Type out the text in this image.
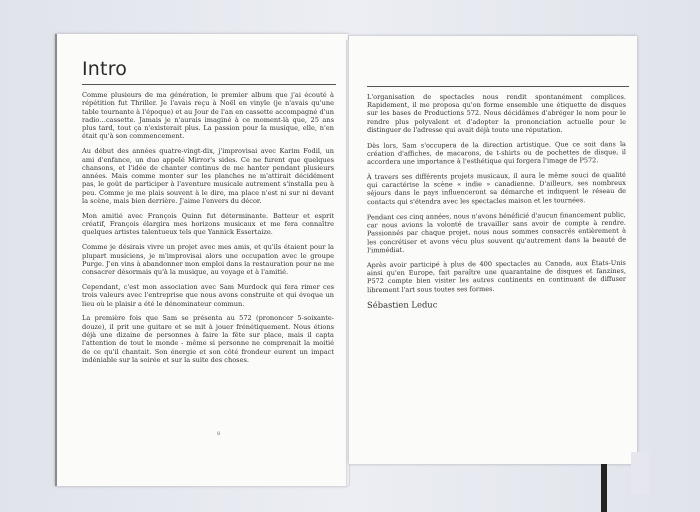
Intro

Comme plusieurs de ma génération, le premier album que j'ai écouté à répétition fut Thriller. Je l'avais reçu à Noël en vinyle (je n'avais qu'une table tournante à l'époque) et au Jour de l'an en cassette accompagné d'un radio…cassette. Jamais je n'aurais imaginé à ce moment-là que, 25 ans plus tard, tout ça n'existerait plus. La passion pour la musique, elle, n'en était qu'à son commencement.

Au début des années quatre-vingt-dix, j'improvisai avec Karim Fodil, un ami d'enfance, un duo appelé Mirror's sides. Ce ne furent que quelques chansons, et l'idée de chanter continus de me hanter pendant plusieurs années. Mais comme monter sur les planches ne m'attirait décidément pas, le goût de participer à l'aventure musicale autrement s'installa peu à peu. Comme je me plais souvent à le dire, ma place n'est ni sur ni devant la scène, mais bien derrière. J'aime l'envers du décor.

Mon amitié avec François Quinn fut déterminante. Batteur et esprit créatif, François élargira mes horizons musicaux et me fera connaître quelques artistes talentueux tels que Yannick Essertaize.

Comme je désirais vivre un projet avec mes amis, et qu'ils étaient pour la plupart musiciens, je m'improvisai alors une occupation avec le groupe Purge. J'en vins à abandonner mon emploi dans la restauration pour ne me consacrer désormais qu'à la musique, au voyage et à l'amitié.

Cependant, c'est mon association avec Sam Murdock qui fera rimer ces trois valeurs avec l'entreprise que nous avons construite et qui évoque un lieu où le plaisir a été le dénominateur commun.

La première fois que Sam se présenta au 572 (prononcer 5-soixante-douze), il prit une guitare et se mit à jouer frénétiquement. Nous étions déjà une dizaine de personnes à faire la fête sur place, mais il capta l'attention de tout le monde - même si personne ne comprenait la moitié de ce qu'il chantait. Son énergie et son côté frondeur eurent un impact indéniable sur la soirée et sur la suite des choses.

8

L'organisation de spectacles nous rendit spontanément complices. Rapidement, il me proposa qu'on forme ensemble une étiquette de disques sur les bases de Productions 572. Nous décidâmes d'abréger le nom pour le rendre plus polyvalent et d'adopter la prononciation actuelle pour le distinguer de l'adresse qui avait déjà toute une réputation.

Dès lors, Sam s'occupera de la direction artistique. Que ce soit dans la création d'affiches, de macarons, de t-shirts ou de pochettes de disque, il accordera une importance à l'esthétique qui forgera l'image de P572.

À travers ses différents projets musicaux, il aura le même souci de qualité qui caractérise la scène « indie » canadienne. D'ailleurs, ses nombreux séjours dans le pays influenceront sa démarche et indiquent le réseau de contacts qui s'étendra avec les spectacles maison et les tournées.

Pendant ces cinq années, nous n'avons bénéficié d'aucun financement public, car nous avions la volonté de travailler sans avoir de compte à rendre. Passionnés par chaque projet, nous nous sommes consacrés entièrement à les concrétiser et avons vécu plus souvent qu'autrement dans la beauté de l'immédiat.

Après avoir participé à plus de 400 spectacles au Canada, aux États-Unis ainsi qu'en Europe, fait paraître une quarantaine de disques et fanzines, P572 compte bien visiter les autres continents en continuant de diffuser librement l'art sous toutes ses formes.

Sébastien Leduc
